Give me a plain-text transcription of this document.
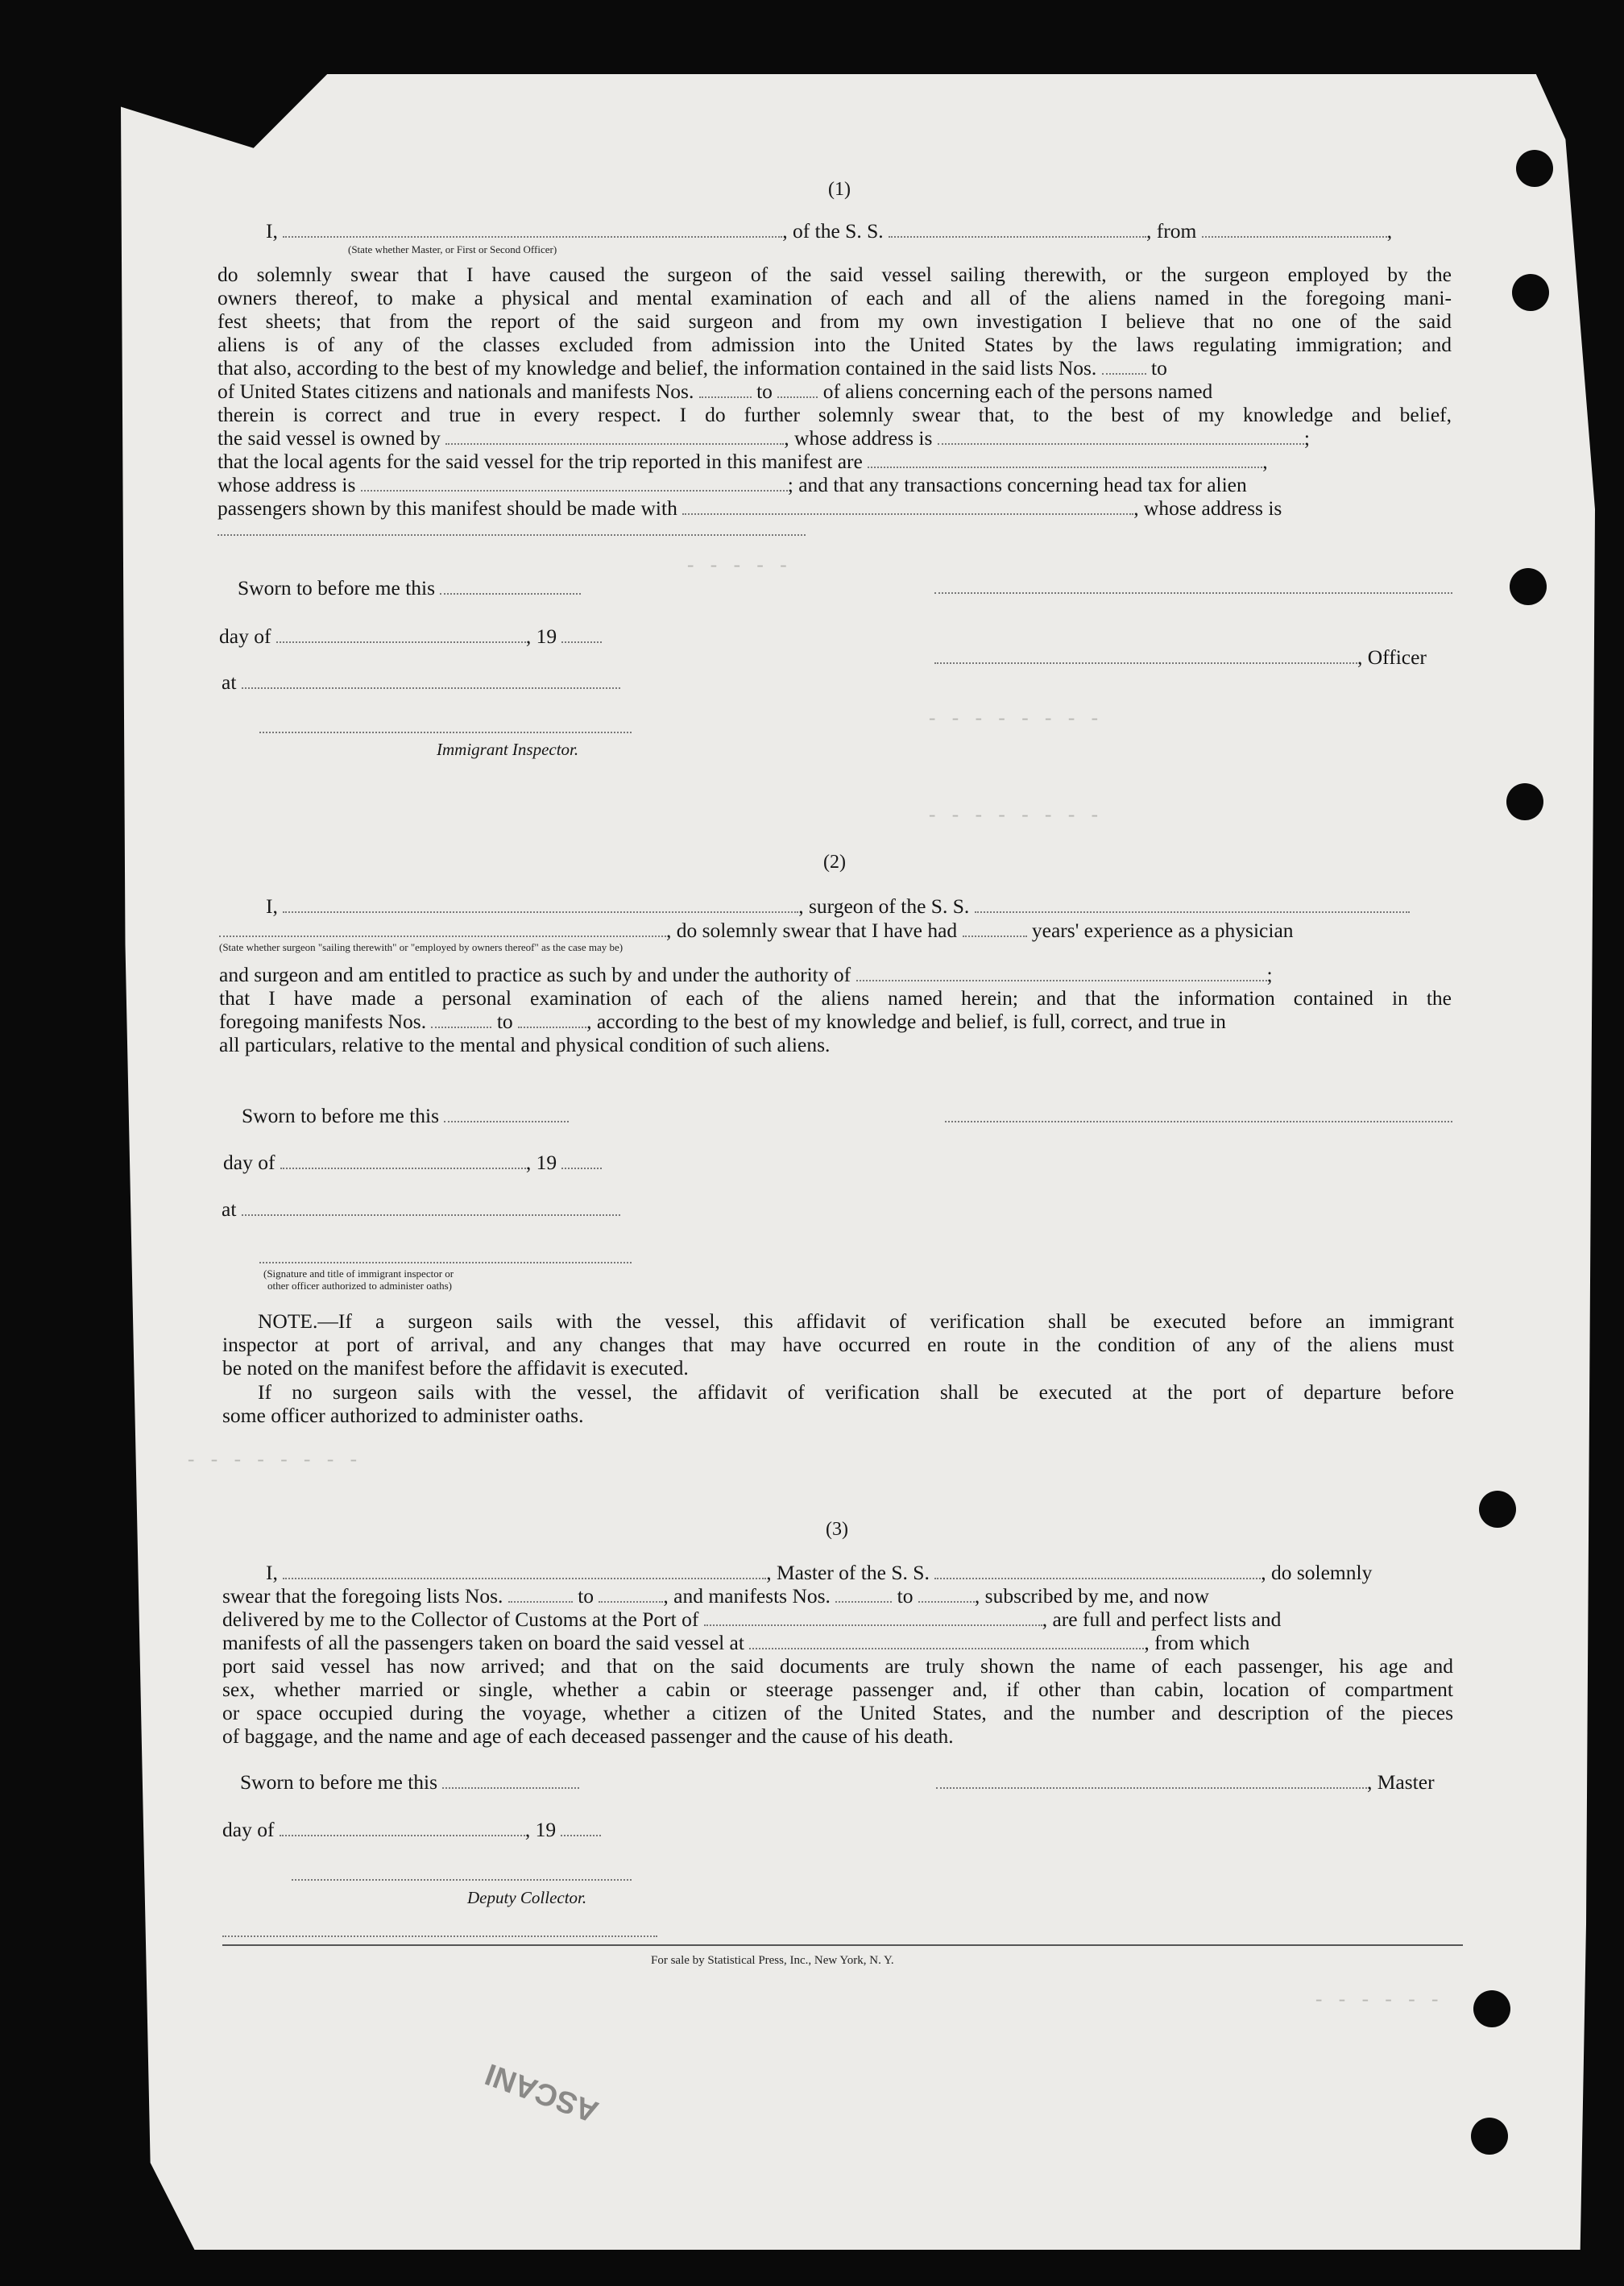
- - - - -
- - - - - - - -
- - - - - - - -
- - - - - - - -
- - - - - -
(1)
I,	, of the S. S.	, from	,
(State whether Master, or First or Second Officer)
do solemnly swear that I have caused the surgeon of the said vessel sailing therewith, or the surgeon employed by the
owners thereof, to make a physical and mental examination of each and all of the aliens named in the foregoing mani-
fest sheets; that from the report of the said surgeon and from my own investigation I believe that no one of the said
aliens is of any of the classes excluded from admission into the United States by the laws regulating immigration; and
that also, according to the best of my knowledge and belief, the information contained in the said lists Nos.	to
of United States citizens and nationals and manifests Nos.	to of aliens concerning each of the persons named
therein is correct and true in every respect. I do further solemnly swear that, to the best of my knowledge and belief,
the said vessel is owned by	, whose address is	;
that the local agents for the said vessel for the trip reported in this manifest are	,
whose address is	; and that any transactions concerning head tax for alien
passengers shown by this manifest should be made with	, whose address is
Sworn to before me this
day of	, 19
at
Immigrant Inspector.
, Officer
(2)
I,	, surgeon of the S. S.
, do solemnly swear that I have had	years' experience as a physician
(State whether surgeon "sailing therewith" or "employed by owners thereof" as the case may be)
and surgeon and am entitled to practice as such by and under the authority of	;
that I have made a personal examination of each of the aliens named herein; and that the information contained in the
foregoing manifests Nos.	to	, according to the best of my knowledge and belief, is full, correct, and true in
all particulars, relative to the mental and physical condition of such aliens.
Sworn to before me this
day of	, 19
at
(Signature and title of immigrant inspector or
other officer authorized to administer oaths)
NOTE.—If a surgeon sails with the vessel, this affidavit of verification shall be executed before an immigrant
inspector at port of arrival, and any changes that may have occurred en route in the condition of any of the aliens must
be noted on the manifest before the affidavit is executed.
If no surgeon sails with the vessel, the affidavit of verification shall be executed at the port of departure before
some officer authorized to administer oaths.
(3)
I,	, Master of the S. S.	, do solemnly
swear that the foregoing lists Nos.	to	, and manifests Nos.	to	, subscribed by me, and now
delivered by me to the Collector of Customs at the Port of	, are full and perfect lists and
manifests of all the passengers taken on board the said vessel at	, from which
port said vessel has now arrived; and that on the said documents are truly shown the name of each passenger, his age and
sex, whether married or single, whether a cabin or steerage passenger and, if other than cabin, location of compartment
or space occupied during the voyage, whether a citizen of the United States, and the number and description of the pieces
of baggage, and the name and age of each deceased passenger and the cause of his death.
Sworn to before me this	, Master
day of	, 19
Deputy Collector.
For sale by Statistical Press, Inc., New York, N. Y.
ASCANI
